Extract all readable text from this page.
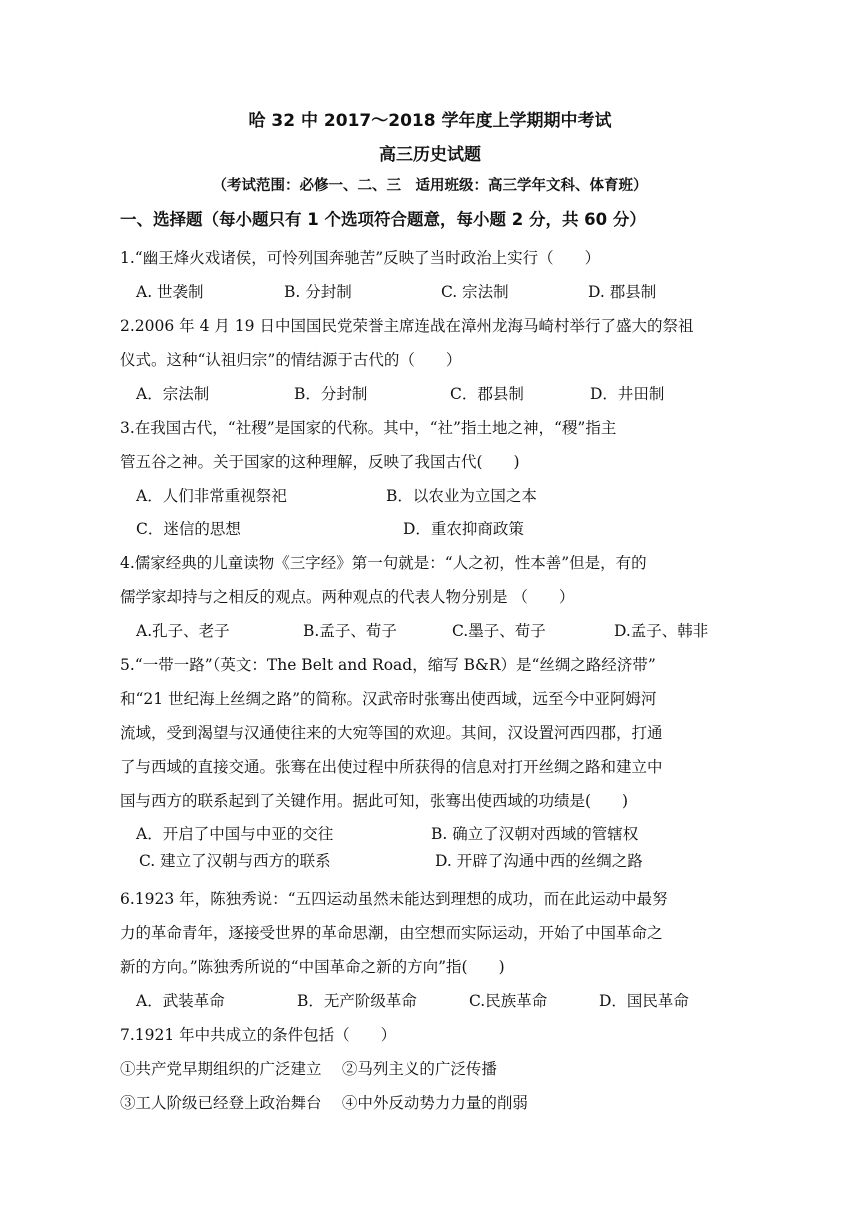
哈 32 中 2017～2018 学年度上学期期中考试
高三历史试题
（考试范围：必修一、二、三　适用班级：高三学年文科、体育班）
一、选择题（每小题只有 1 个选项符合题意，每小题 2 分，共 60 分）
1.“幽王烽火戏诸侯，可怜列国奔驰苦”反映了当时政治上实行（　　）
A. 世袭制	B. 分封制	C. 宗法制	D. 郡县制
2.2006 年 4 月 19 日中国国民党荣誉主席连战在漳州龙海马崎村举行了盛大的祭祖
仪式。这种“认祖归宗”的情结源于古代的（　　）
A．宗法制	B．分封制	C．郡县制	D．井田制
3.在我国古代，“社稷”是国家的代称。其中，“社”指土地之神，“稷”指主
管五谷之神。关于国家的这种理解，反映了我国古代(　　)
A．人们非常重视祭祀	B．以农业为立国之本
C．迷信的思想	D．重农抑商政策
4.儒家经典的儿童读物《三字经》第一句就是：“人之初，性本善”但是，有的
儒学家却持与之相反的观点。两种观点的代表人物分别是 （　　）
A.孔子、老子	B.孟子、荀子	C.墨子、荀子	D.孟子、韩非
5.“一带一路”（英文：The Belt and Road，缩写 B&R）是“丝绸之路经济带”
和“21 世纪海上丝绸之路”的简称。汉武帝时张骞出使西域，远至今中亚阿姆河
流域，受到渴望与汉通使往来的大宛等国的欢迎。其间，汉设置河西四郡，打通
了与西域的直接交通。张骞在出使过程中所获得的信息对打开丝绸之路和建立中
国与西方的联系起到了关键作用。据此可知，张骞出使西域的功绩是(　　)
A．开启了中国与中亚的交往	B. 确立了汉朝对西域的管辖权
C. 建立了汉朝与西方的联系	D. 开辟了沟通中西的丝绸之路
6.1923 年，陈独秀说：“五四运动虽然未能达到理想的成功，而在此运动中最努
力的革命青年，逐接受世界的革命思潮，由空想而实际运动，开始了中国革命之
新的方向。”陈独秀所说的“中国革命之新的方向”指(　　)
A．武装革命	B．无产阶级革命	C.民族革命	D．国民革命
7.1921 年中共成立的条件包括（　　）
①共产党早期组织的广泛建立　 ②马列主义的广泛传播
③工人阶级已经登上政治舞台　 ④中外反动势力力量的削弱
